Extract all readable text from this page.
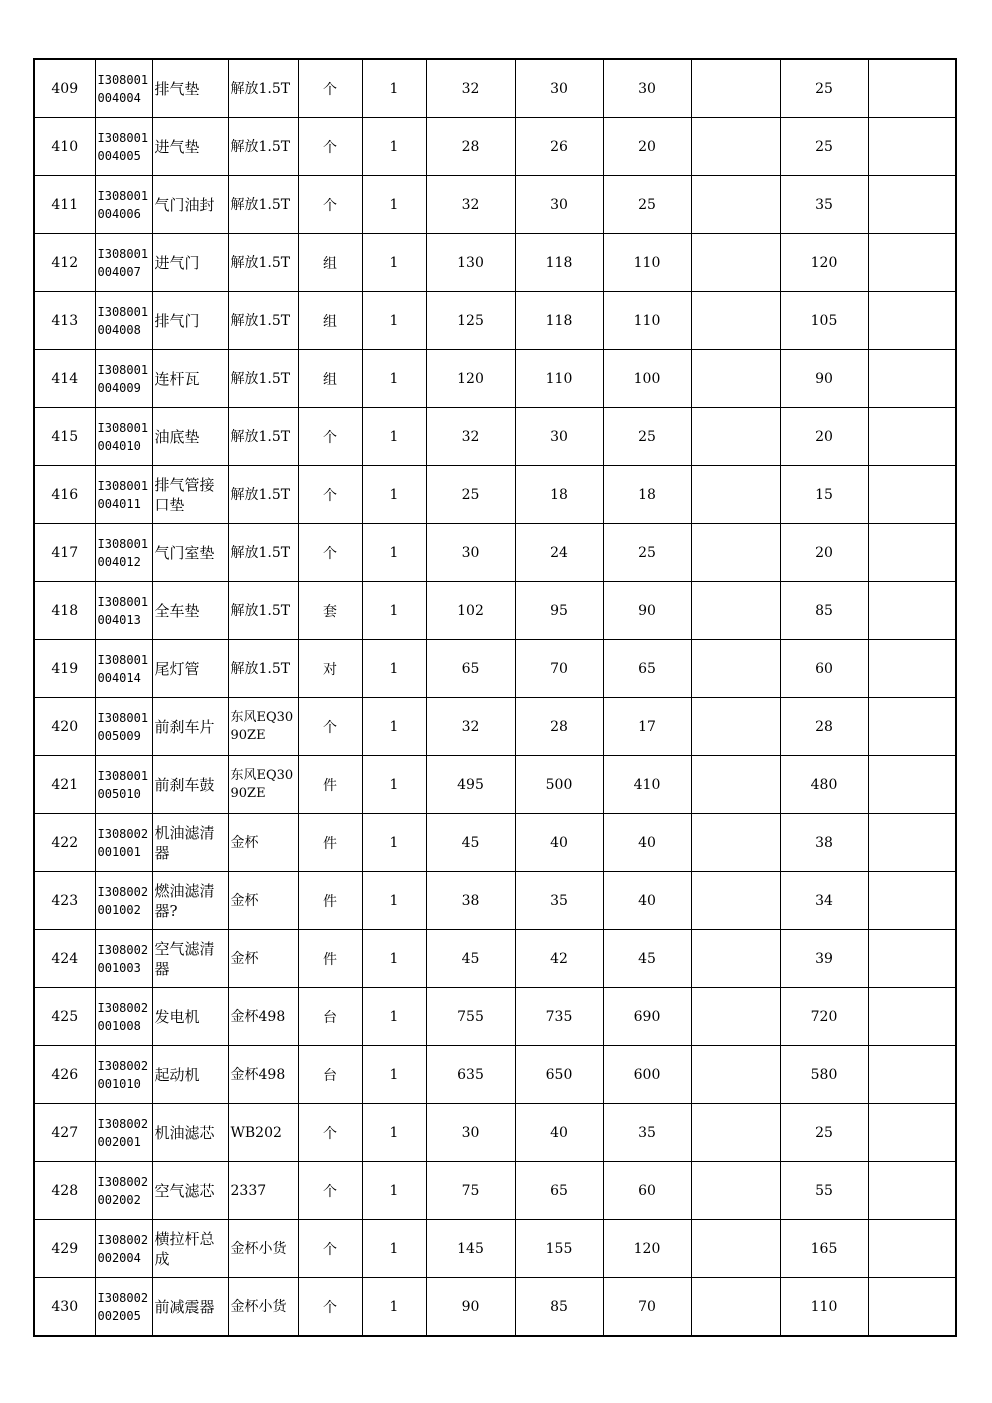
409	I308001004004	排气垫	解放1.5T	个	1	32	30	30		25	
410	I308001004005	进气垫	解放1.5T	个	1	28	26	20		25	
411	I308001004006	气门油封	解放1.5T	个	1	32	30	25		35	
412	I308001004007	进气门	解放1.5T	组	1	130	118	110		120	
413	I308001004008	排气门	解放1.5T	组	1	125	118	110		105	
414	I308001004009	连杆瓦	解放1.5T	组	1	120	110	100		90	
415	I308001004010	油底垫	解放1.5T	个	1	32	30	25		20	
416	I308001004011	排气管接口垫	解放1.5T	个	1	25	18	18		15	
417	I308001004012	气门室垫	解放1.5T	个	1	30	24	25		20	
418	I308001004013	全车垫	解放1.5T	套	1	102	95	90		85	
419	I308001004014	尾灯管	解放1.5T	对	1	65	70	65		60	
420	I308001005009	前刹车片	东风EQ3090ZE	个	1	32	28	17		28	
421	I308001005010	前刹车鼓	东风EQ3090ZE	件	1	495	500	410		480	
422	I308002001001	机油滤清器	金杯	件	1	45	40	40		38	
423	I308002001002	燃油滤清器?	金杯	件	1	38	35	40		34	
424	I308002001003	空气滤清器	金杯	件	1	45	42	45		39	
425	I308002001008	发电机	金杯498	台	1	755	735	690		720	
426	I308002001010	起动机	金杯498	台	1	635	650	600		580	
427	I308002002001	机油滤芯	WB202	个	1	30	40	35		25	
428	I308002002002	空气滤芯	2337	个	1	75	65	60		55	
429	I308002002004	横拉杆总成	金杯小货	个	1	145	155	120		165	
430	I308002002005	前减震器	金杯小货	个	1	90	85	70		110	
